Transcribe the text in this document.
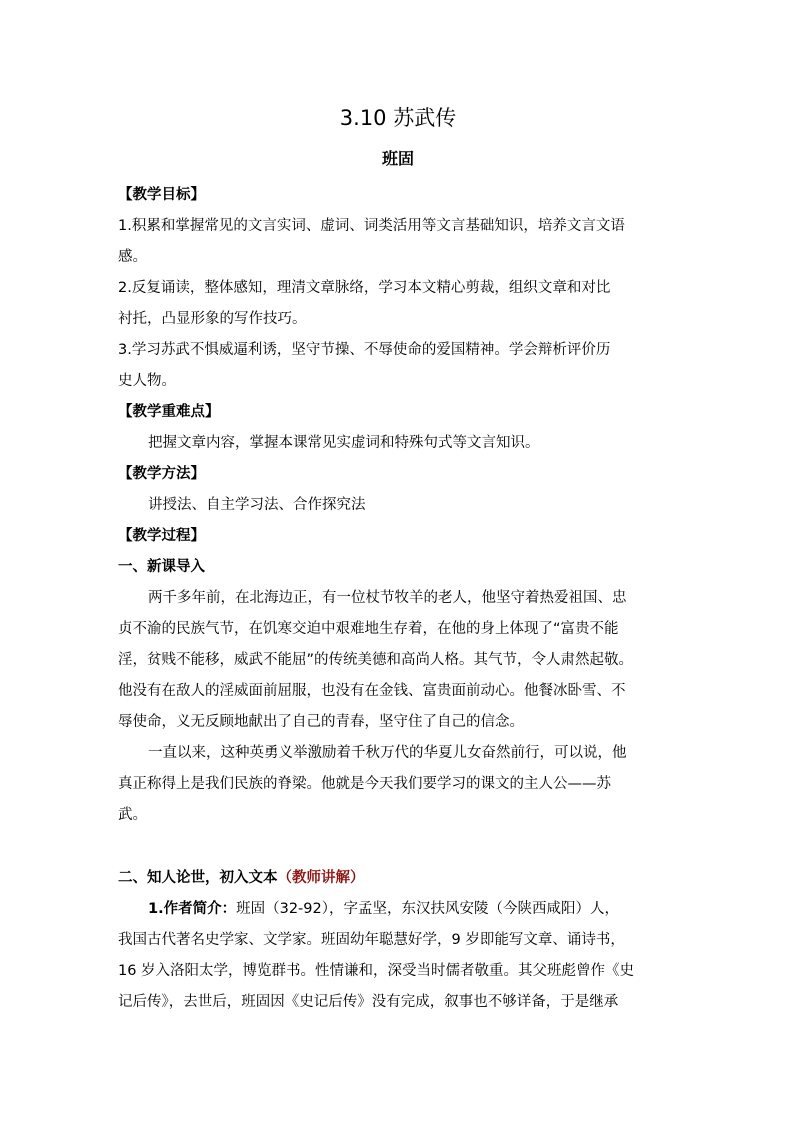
3.10 苏武传
班固

【教学目标】

1.积累和掌握常见的文言实词、虚词、词类活用等文言基础知识，培养文言文语
感。

2.反复诵读，整体感知，理清文章脉络，学习本文精心剪裁，组织文章和对比
衬托，凸显形象的写作技巧。

3.学习苏武不惧威逼利诱，坚守节操、不辱使命的爱国精神。学会辩析评价历
史人物。

【教学重难点】

把握文章内容，掌握本课常见实虚词和特殊句式等文言知识。

【教学方法】

讲授法、自主学习法、合作探究法

【教学过程】

一、新课导入

两千多年前，在北海边正，有一位杖节牧羊的老人，他坚守着热爱祖国、忠
贞不渝的民族气节，在饥寒交迫中艰难地生存着，在他的身上体现了“富贵不能
淫，贫贱不能移，威武不能屈”的传统美德和高尚人格。其气节，令人肃然起敬。
他没有在敌人的淫威面前屈服，也没有在金钱、富贵面前动心。他餐冰卧雪、不
辱使命，义无反顾地献出了自己的青春，坚守住了自己的信念。

一直以来，这种英勇义举激励着千秋万代的华夏儿女奋然前行，可以说，他
真正称得上是我们民族的脊梁。他就是今天我们要学习的课文的主人公——苏
武。

二、知人论世，初入文本（教师讲解）

1.作者简介：班固（32-92），字孟坚，东汉扶风安陵（今陕西咸阳）人，
我国古代著名史学家、文学家。班固幼年聪慧好学，9 岁即能写文章、诵诗书，
16 岁入洛阳太学，博览群书。性情谦和，深受当时儒者敬重。其父班彪曾作《史
记后传》，去世后，班固因《史记后传》没有完成，叙事也不够详备，于是继承
